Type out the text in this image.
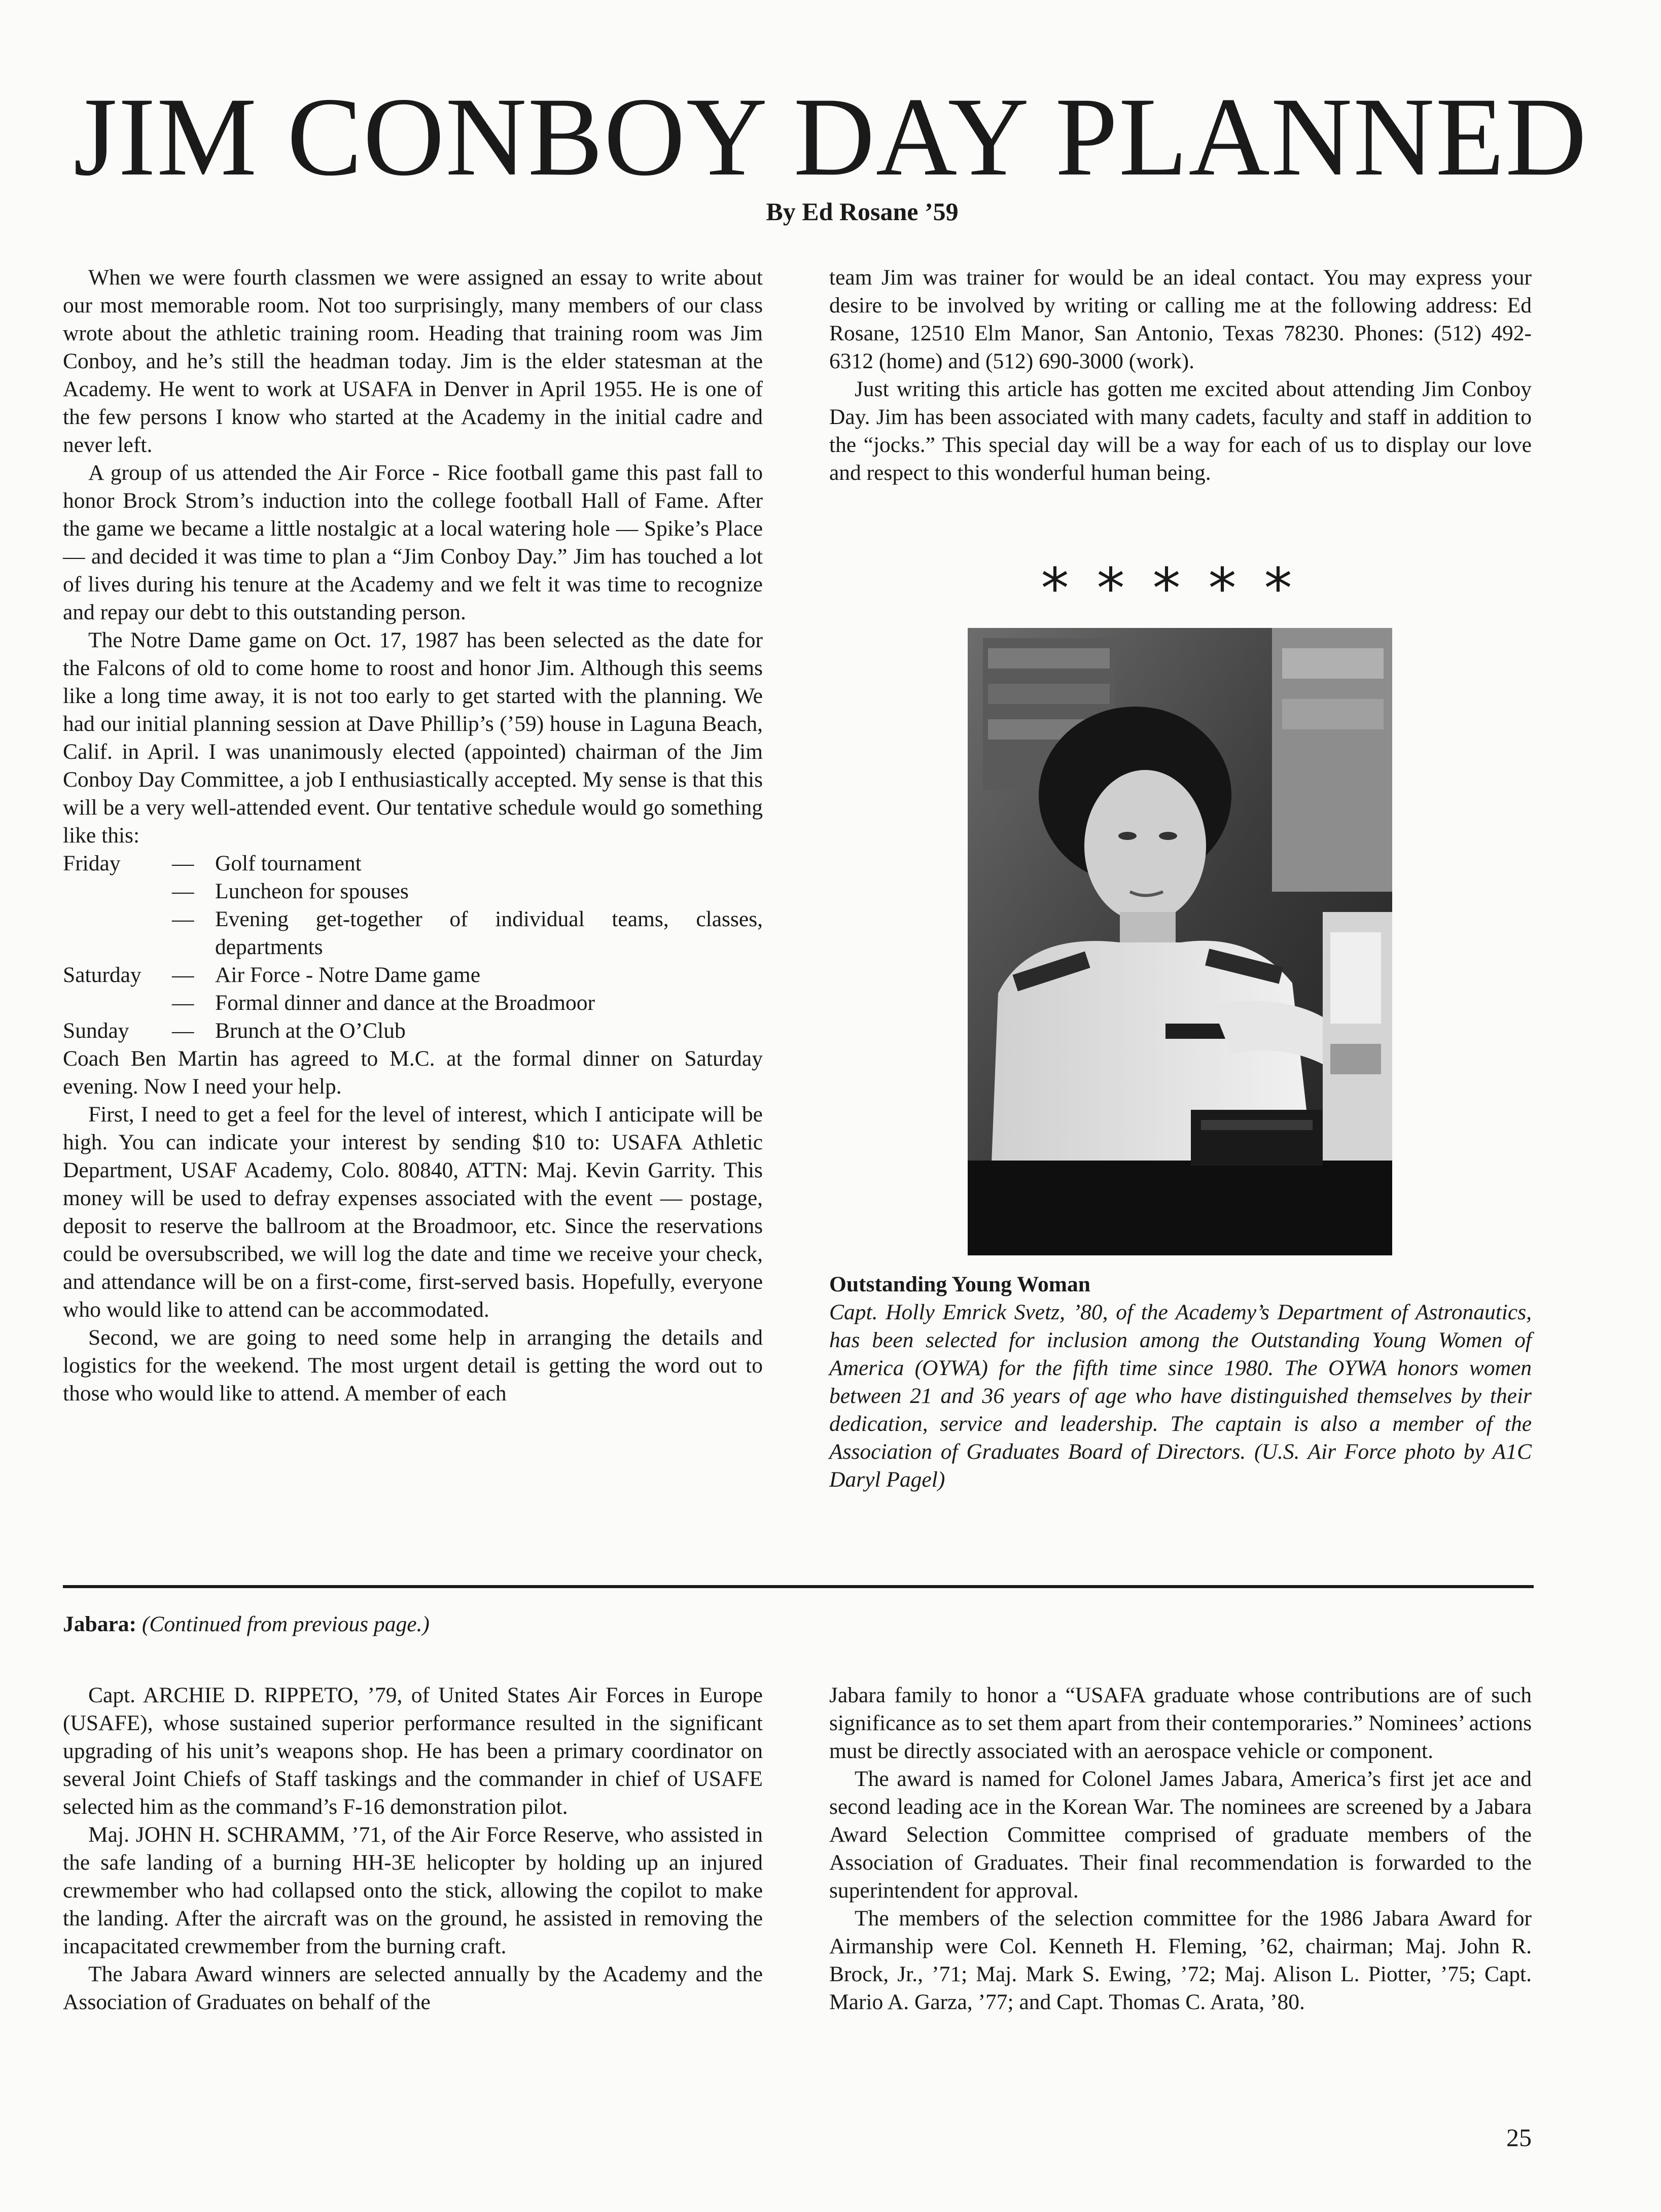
JIM CONBOY DAY PLANNED
By Ed Rosane ’59

When we were fourth classmen we were assigned an essay to write about our most memorable room. Not too surprisingly, many members of our class wrote about the athletic training room. Heading that training room was Jim Conboy, and he’s still the headman today. Jim is the elder statesman at the Academy. He went to work at USAFA in Denver in April 1955. He is one of the few persons I know who started at the Academy in the initial cadre and never left.

A group of us attended the Air Force - Rice football game this past fall to honor Brock Strom’s induction into the college football Hall of Fame. After the game we became a little nostalgic at a local watering hole — Spike’s Place — and decided it was time to plan a “Jim Conboy Day.” Jim has touched a lot of lives during his tenure at the Academy and we felt it was time to recognize and repay our debt to this outstanding person.

The Notre Dame game on Oct. 17, 1987 has been selected as the date for the Falcons of old to come home to roost and honor Jim. Although this seems like a long time away, it is not too early to get started with the planning. We had our initial planning session at Dave Phillip’s (’59) house in Laguna Beach, Calif. in April. I was unanimously elected (appointed) chairman of the Jim Conboy Day Committee, a job I enthusiastically accepted. My sense is that this will be a very well-attended event. Our tentative schedule would go something like this:

Friday	— Golf tournament
— Luncheon for spouses
— Evening get-together of individual teams, classes,
departments
Saturday	— Air Force - Notre Dame game
— Formal dinner and dance at the Broadmoor
Sunday	— Brunch at the O’Club

Coach Ben Martin has agreed to M.C. at the formal dinner on Saturday evening. Now I need your help.

First, I need to get a feel for the level of interest, which I anticipate will be high. You can indicate your interest by sending $10 to: USAFA Athletic Department, USAF Academy, Colo. 80840, ATTN: Maj. Kevin Garrity. This money will be used to defray expenses associated with the event — postage, deposit to reserve the ballroom at the Broadmoor, etc. Since the reservations could be oversubscribed, we will log the date and time we receive your check, and attendance will be on a first-come, first-served basis. Hopefully, everyone who would like to attend can be accommodated.

Second, we are going to need some help in arranging the details and logistics for the weekend. The most urgent detail is getting the word out to those who would like to attend. A member of each

team Jim was trainer for would be an ideal contact. You may express your desire to be involved by writing or calling me at the following address: Ed Rosane, 12510 Elm Manor, San Antonio, Texas 78230. Phones: (512) 492-6312 (home) and (512) 690-3000 (work).

Just writing this article has gotten me excited about attending Jim Conboy Day. Jim has been associated with many cadets, faculty and staff in addition to the “jocks.” This special day will be a way for each of us to display our love and respect to this wonderful human being.

*****
Outstanding Young Woman
Capt. Holly Emrick Svetz, ’80, of the Academy’s Department of Astronautics, has been selected for inclusion among the Outstanding Young Women of America (OYWA) for the fifth time since 1980. The OYWA honors women between 21 and 36 years of age who have distinguished themselves by their dedication, service and leadership. The captain is also a member of the Association of Graduates Board of Directors. (U.S. Air Force photo by A1C Daryl Pagel)
Jabara: (Continued from previous page.)

Capt. ARCHIE D. RIPPETO, ’79, of United States Air Forces in Europe (USAFE), whose sustained superior performance resulted in the significant upgrading of his unit’s weapons shop. He has been a primary coordinator on several Joint Chiefs of Staff taskings and the commander in chief of USAFE selected him as the command’s F-16 demonstration pilot.

Maj. JOHN H. SCHRAMM, ’71, of the Air Force Reserve, who assisted in the safe landing of a burning HH-3E helicopter by holding up an injured crewmember who had collapsed onto the stick, allowing the copilot to make the landing. After the aircraft was on the ground, he assisted in removing the incapacitated crewmember from the burning craft.

The Jabara Award winners are selected annually by the Academy and the Association of Graduates on behalf of the

Jabara family to honor a “USAFA graduate whose contributions are of such significance as to set them apart from their contemporaries.” Nominees’ actions must be directly associated with an aerospace vehicle or component.

The award is named for Colonel James Jabara, America’s first jet ace and second leading ace in the Korean War. The nominees are screened by a Jabara Award Selection Committee comprised of graduate members of the Association of Graduates. Their final recommendation is forwarded to the superintendent for approval.

The members of the selection committee for the 1986 Jabara Award for Airmanship were Col. Kenneth H. Fleming, ’62, chairman; Maj. John R. Brock, Jr., ’71; Maj. Mark S. Ewing, ’72; Maj. Alison L. Piotter, ’75; Capt. Mario A. Garza, ’77; and Capt. Thomas C. Arata, ’80.

25
